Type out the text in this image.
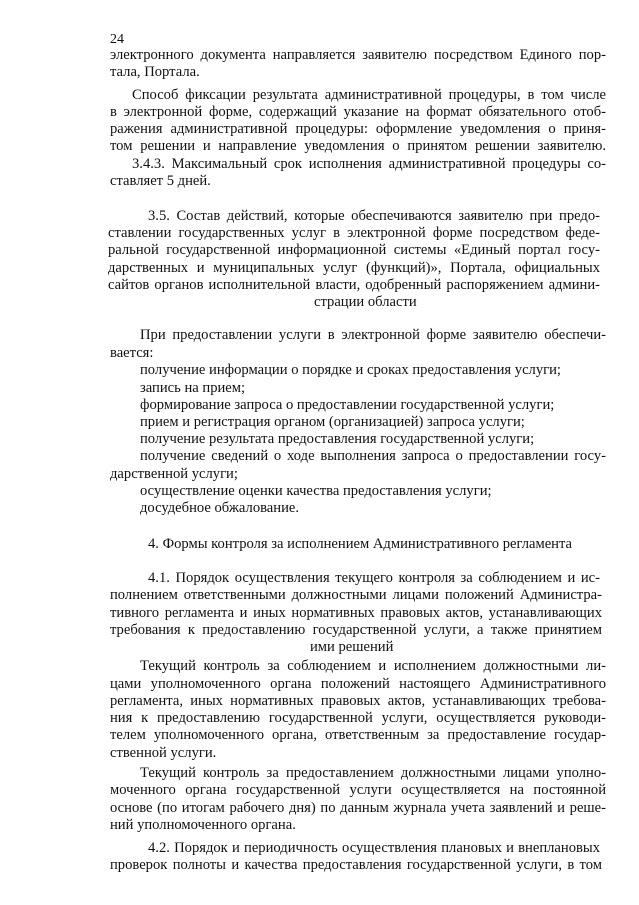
24
электронного документа направляется заявителю посредством Единого пор-
тала, Портала.
Способ фиксации результата административной процедуры, в том числе
в электронной форме, содержащий указание на формат обязательного отоб-
ражения административной процедуры: оформление уведомления о приня-
том решении и направление уведомления о принятом решении заявителю.
3.4.3. Максимальный срок исполнения административной процедуры со-
ставляет 5 дней.
3.5. Состав действий, которые обеспечиваются заявителю при предо-
ставлении государственных услуг в электронной форме посредством феде-
ральной государственной информационной системы «Единый портал госу-
дарственных и муниципальных услуг (функций)», Портала, официальных
сайтов органов исполнительной власти, одобренный распоряжением админи-
страции области
При предоставлении услуги в электронной форме заявителю обеспечи-
вается:
получение информации о порядке и сроках предоставления услуги;
запись на прием;
формирование запроса о предоставлении государственной услуги;
прием и регистрация органом (организацией) запроса услуги;
получение результата предоставления государственной услуги;
получение сведений о ходе выполнения запроса о предоставлении госу-
дарственной услуги;
осуществление оценки качества предоставления услуги;
досудебное обжалование.
4. Формы контроля за исполнением Административного регламента
4.1. Порядок осуществления текущего контроля за соблюдением и ис-
полнением ответственными должностными лицами положений Администра-
тивного регламента и иных нормативных правовых актов, устанавливающих
требования к предоставлению государственной услуги, а также принятием
ими решений
Текущий контроль за соблюдением и исполнением должностными ли-
цами уполномоченного органа положений настоящего Административного
регламента, иных нормативных правовых актов, устанавливающих требова-
ния к предоставлению государственной услуги, осуществляется руководи-
телем уполномоченного органа, ответственным за предоставление государ-
ственной услуги.
Текущий контроль за предоставлением должностными лицами уполно-
моченного органа государственной услуги осуществляется на постоянной
основе (по итогам рабочего дня) по данным журнала учета заявлений и реше-
ний уполномоченного органа.
4.2. Порядок и периодичность осуществления плановых и внеплановых
проверок полноты и качества предоставления государственной услуги, в том
